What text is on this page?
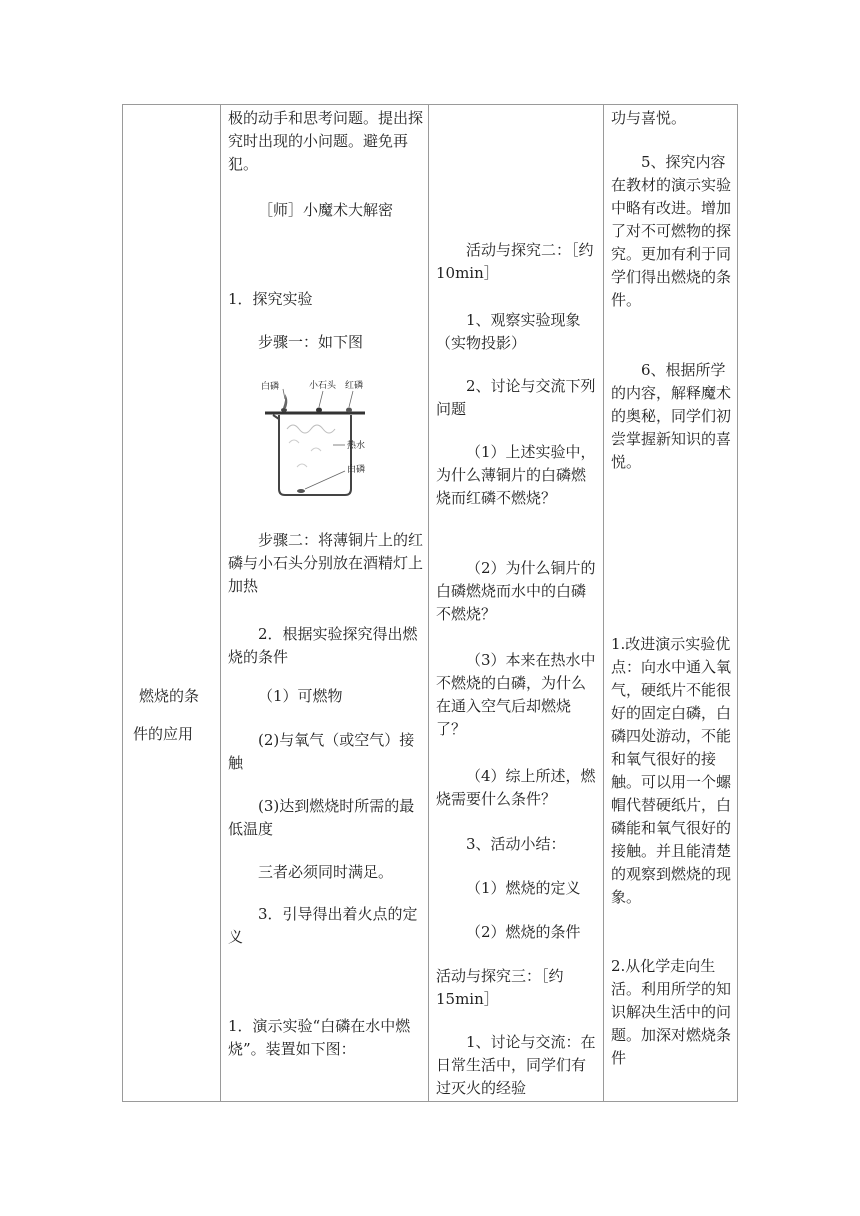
燃烧的条
件的应用

极的动手和思考问题。提出探究时出现的小问题。避免再犯。

［师］小魔术大解密

1．探究实验

步骤一：如下图

白磷	小石头 红磷
热水
白磷

步骤二：将薄铜片上的红磷与小石头分别放在酒精灯上加热

2．根据实验探究得出燃烧的条件

（1）可燃物

(2)与氧气（或空气）接触

(3)达到燃烧时所需的最低温度

三者必须同时满足。

3．引导得出着火点的定义

1．演示实验“白磷在水中燃烧”。装置如下图：

活动与探究二：［约 10min］

1、观察实验现象（实物投影）

2、讨论与交流下列问题

（1）上述实验中，为什么薄铜片的白磷燃烧而红磷不燃烧？

（2）为什么铜片的白磷燃烧而水中的白磷不燃烧？

（3）本来在热水中不燃烧的白磷，为什么在通入空气后却燃烧了？

（4）综上所述，燃烧需要什么条件？

3、活动小结：

（1）燃烧的定义

（2）燃烧的条件

活动与探究三：［约 15min］

1、讨论与交流：在日常生活中，同学们有过灭火的经验

功与喜悦。

5、探究内容在教材的演示实验中略有改进。增加了对不可燃物的探究。更加有利于同学们得出燃烧的条件。

6、根据所学的内容，解释魔术的奥秘，同学们初尝掌握新知识的喜悦。

1.改进演示实验优点：向水中通入氧气，硬纸片不能很好的固定白磷，白磷四处游动，不能和氧气很好的接触。可以用一个螺帽代替硬纸片，白磷能和氧气很好的接触。并且能清楚的观察到燃烧的现象。

2.从化学走向生活。利用所学的知识解决生活中的问题。加深对燃烧条件
